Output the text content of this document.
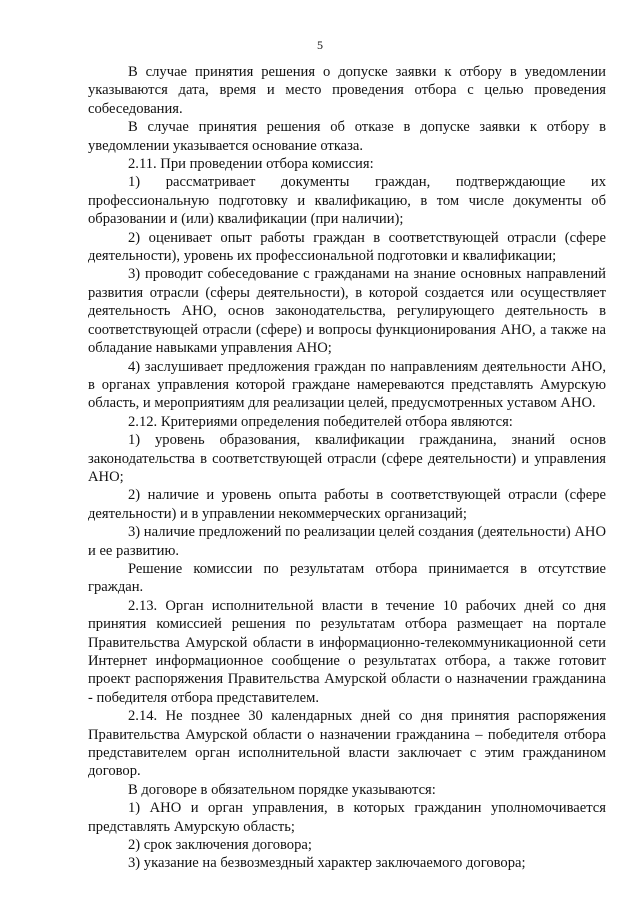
5

В случае принятия решения о допуске заявки к отбору в уведомлении указываются дата, время и место проведения отбора с целью проведения собеседования.

В случае принятия решения об отказе в допуске заявки к отбору в уведомлении указывается основание отказа.

2.11. При проведении отбора комиссия:

1) рассматривает документы граждан, подтверждающие их профессиональную подготовку и квалификацию, в том числе документы об образовании и (или) квалификации (при наличии);

2) оценивает опыт работы граждан в соответствующей отрасли (сфере деятельности), уровень их профессиональной подготовки и квалификации;

3) проводит собеседование с гражданами на знание основных направлений развития отрасли (сферы деятельности), в которой создается или осуществляет деятельность АНО, основ законодательства, регулирующего деятельность в соответствующей отрасли (сфере) и вопросы функционирования АНО, а также на обладание навыками управления АНО;

4) заслушивает предложения граждан по направлениям деятельности АНО, в органах управления которой граждане намереваются представлять Амурскую область, и мероприятиям для реализации целей, предусмотренных уставом АНО.

2.12. Критериями определения победителей отбора являются:

1) уровень образования, квалификации гражданина, знаний основ законодательства в соответствующей отрасли (сфере деятельности) и управления АНО;

2) наличие и уровень опыта работы в соответствующей отрасли (сфере деятельности) и в управлении некоммерческих организаций;

3) наличие предложений по реализации целей создания (деятельности) АНО и ее развитию.

Решение комиссии по результатам отбора принимается в отсутствие граждан.

2.13. Орган исполнительной власти в течение 10 рабочих дней со дня принятия комиссией решения по результатам отбора размещает на портале Правительства Амурской области в информационно-телекоммуникационной сети Интернет информационное сообщение о результатах отбора, а также готовит проект распоряжения Правительства Амурской области о назначении гражданина - победителя отбора представителем.

2.14. Не позднее 30 календарных дней со дня принятия распоряжения Правительства Амурской области о назначении гражданина – победителя отбора представителем орган исполнительной власти заключает с этим гражданином договор.

В договоре в обязательном порядке указываются:

1) АНО и орган управления, в которых гражданин уполномочивается представлять Амурскую область;

2) срок заключения договора;

3) указание на безвозмездный характер заключаемого договора;
